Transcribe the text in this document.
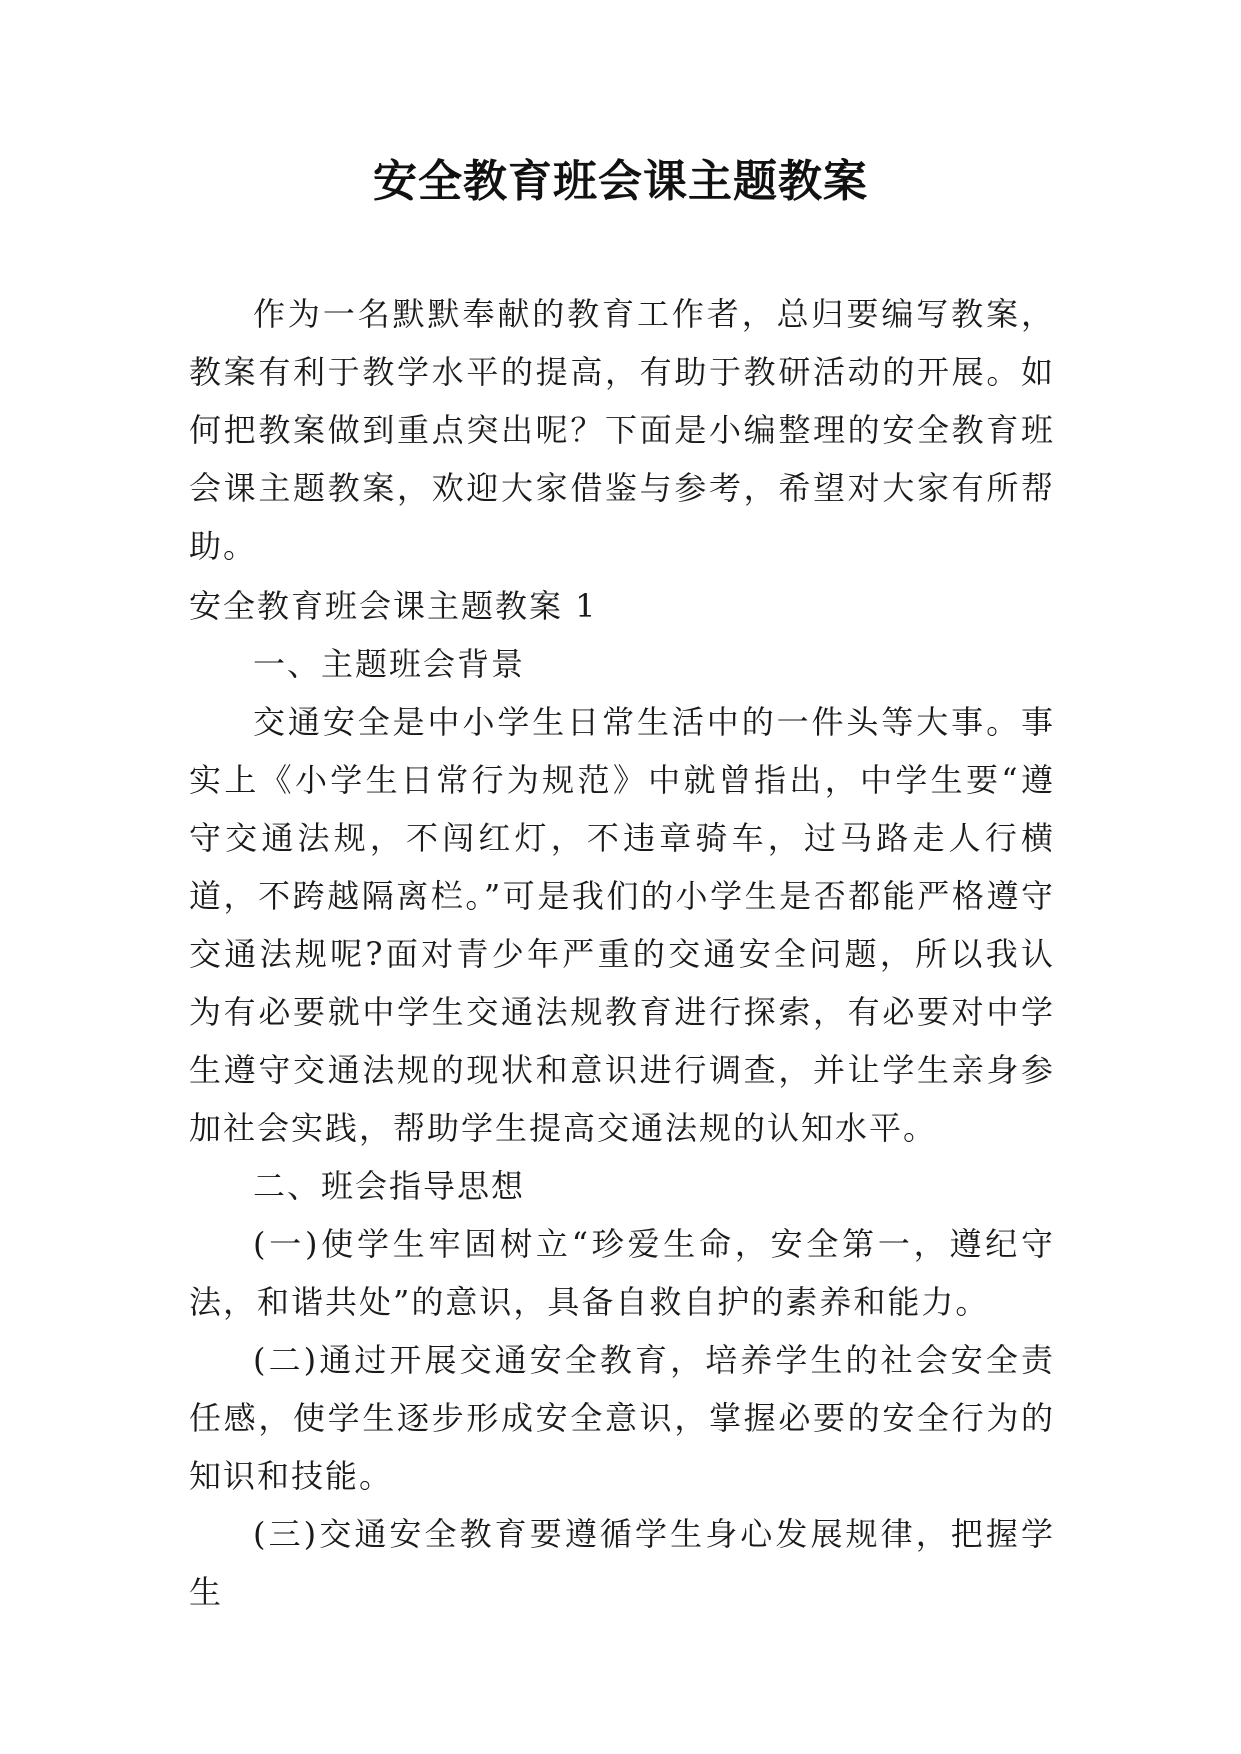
安全教育班会课主题教案

作为一名默默奉献的教育工作者，总归要编写教案，教案有利于教学水平的提高，有助于教研活动的开展。如何把教案做到重点突出呢？下面是小编整理的安全教育班会课主题教案，欢迎大家借鉴与参考，希望对大家有所帮助。

安全教育班会课主题教案 1

一、主题班会背景

交通安全是中小学生日常生活中的一件头等大事。事实上《小学生日常行为规范》中就曾指出，中学生要“遵守交通法规，不闯红灯，不违章骑车，过马路走人行横道，不跨越隔离栏。”可是我们的小学生是否都能严格遵守交通法规呢?面对青少年严重的交通安全问题，所以我认为有必要就中学生交通法规教育进行探索，有必要对中学生遵守交通法规的现状和意识进行调查，并让学生亲身参加社会实践，帮助学生提高交通法规的认知水平。

二、班会指导思想

(一)使学生牢固树立“珍爱生命，安全第一，遵纪守法，和谐共处”的意识，具备自救自护的素养和能力。

(二)通过开展交通安全教育，培养学生的社会安全责任感，使学生逐步形成安全意识，掌握必要的安全行为的知识和技能。

(三)交通安全教育要遵循学生身心发展规律，把握学生
